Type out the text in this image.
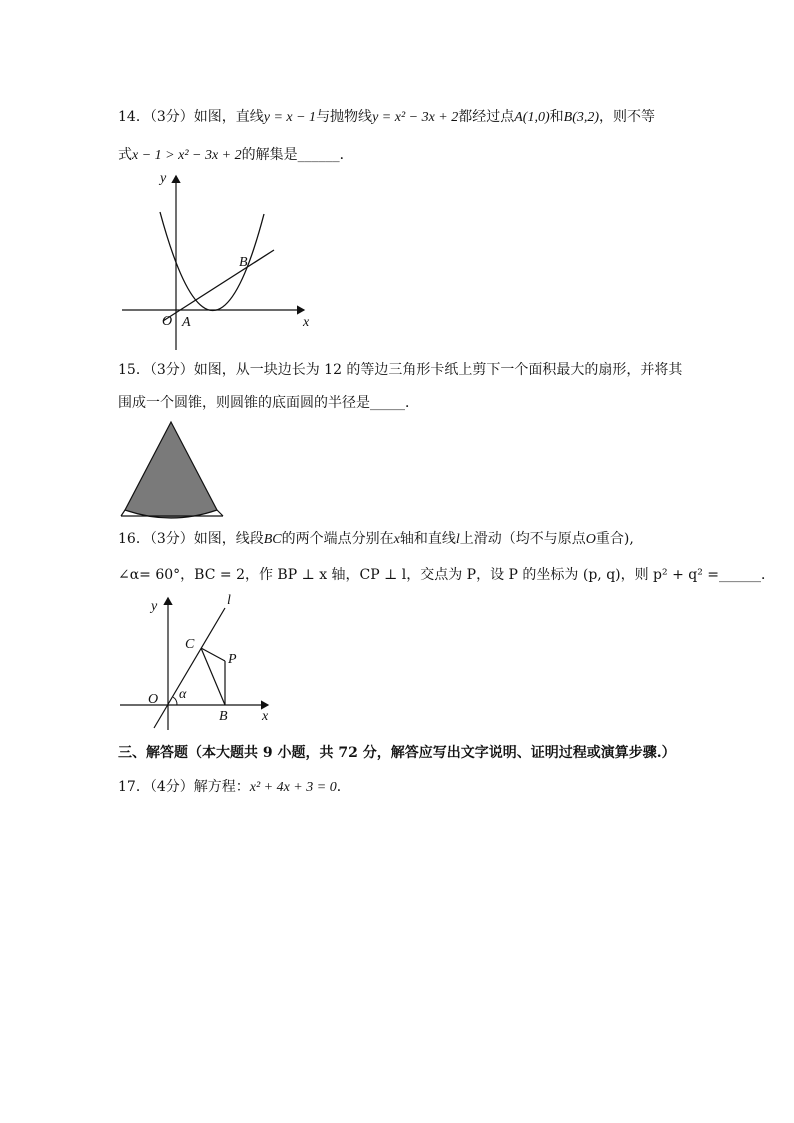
14．（3分）如图，直线y = x − 1与抛物线y = x² − 3x + 2都经过点A(1,0)和B(3,2)，则不等
式x − 1 > x² − 3x + 2的解集是______．
y
x
O A
B
15．（3分）如图，从一块边长为 12 的等边三角形卡纸上剪下一个面积最大的扇形，并将其
围成一个圆锥，则圆锥的底面圆的半径是_____．
16．（3分）如图，线段BC的两个端点分别在x轴和直线l上滑动（均不与原点O重合),
∠α= 60°，BC = 2，作 BP ⊥ x 轴，CP ⊥ l，交点为 P，设 P 的坐标为 (p, q)，则 p² + q² =______．
y
x
O
l
C
P
B
α
三、解答题（本大题共 9 小题，共 72 分，解答应写出文字说明、证明过程或演算步骤.）
17．（4分）解方程：x² + 4x + 3 = 0．
